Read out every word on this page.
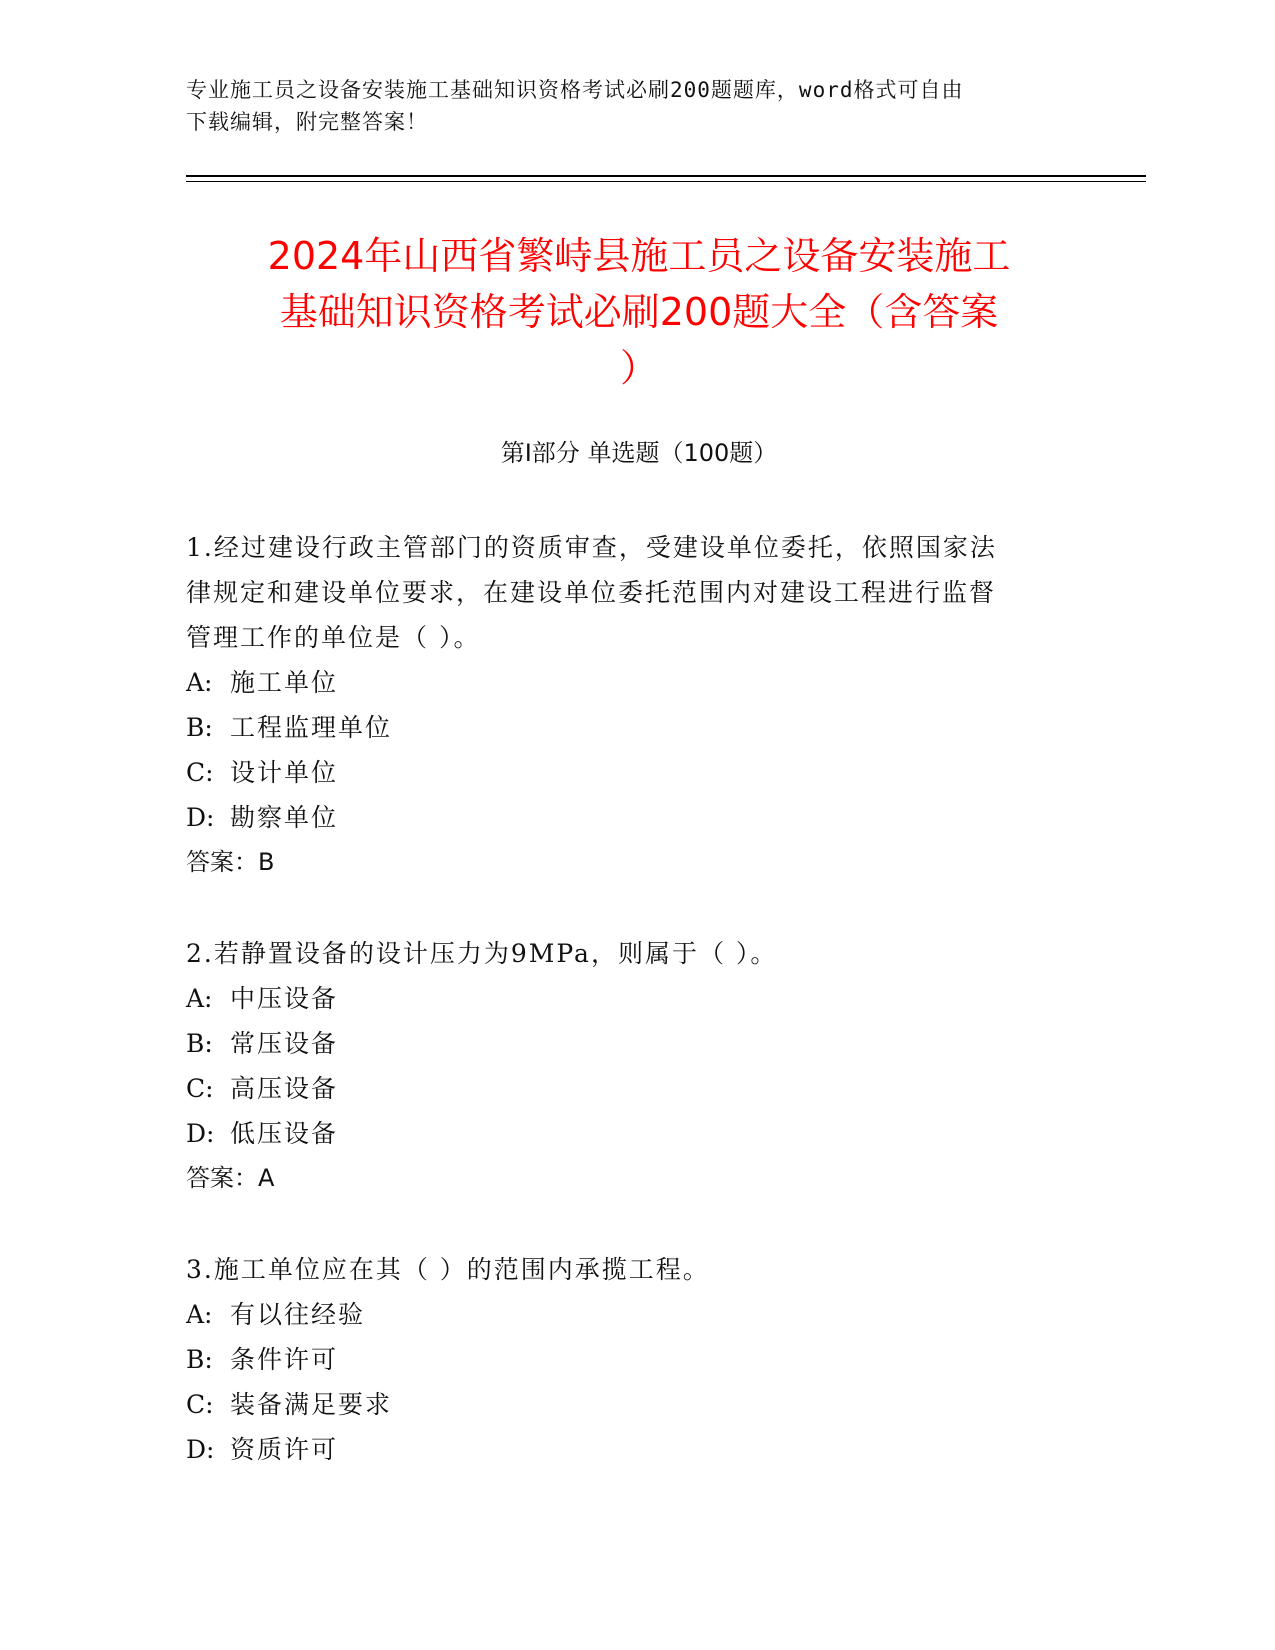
专业施工员之设备安装施工基础知识资格考试必刷200题题库，word格式可自由
下载编辑，附完整答案！
2024年山西省繁峙县施工员之设备安装施工
基础知识资格考试必刷200题大全（含答案
）
第Ⅰ部分 单选题（100题）
1.经过建设行政主管部门的资质审查，受建设单位委托，依照国家法
律规定和建设单位要求，在建设单位委托范围内对建设工程进行监督
管理工作的单位是（ ）。
A: 施工单位
B: 工程监理单位
C: 设计单位
D: 勘察单位
答案：B
2.若静置设备的设计压力为9MPa，则属于（ ）。
A: 中压设备
B: 常压设备
C: 高压设备
D: 低压设备
答案：A
3.施工单位应在其（ ）的范围内承揽工程。
A: 有以往经验
B: 条件许可
C: 装备满足要求
D: 资质许可
